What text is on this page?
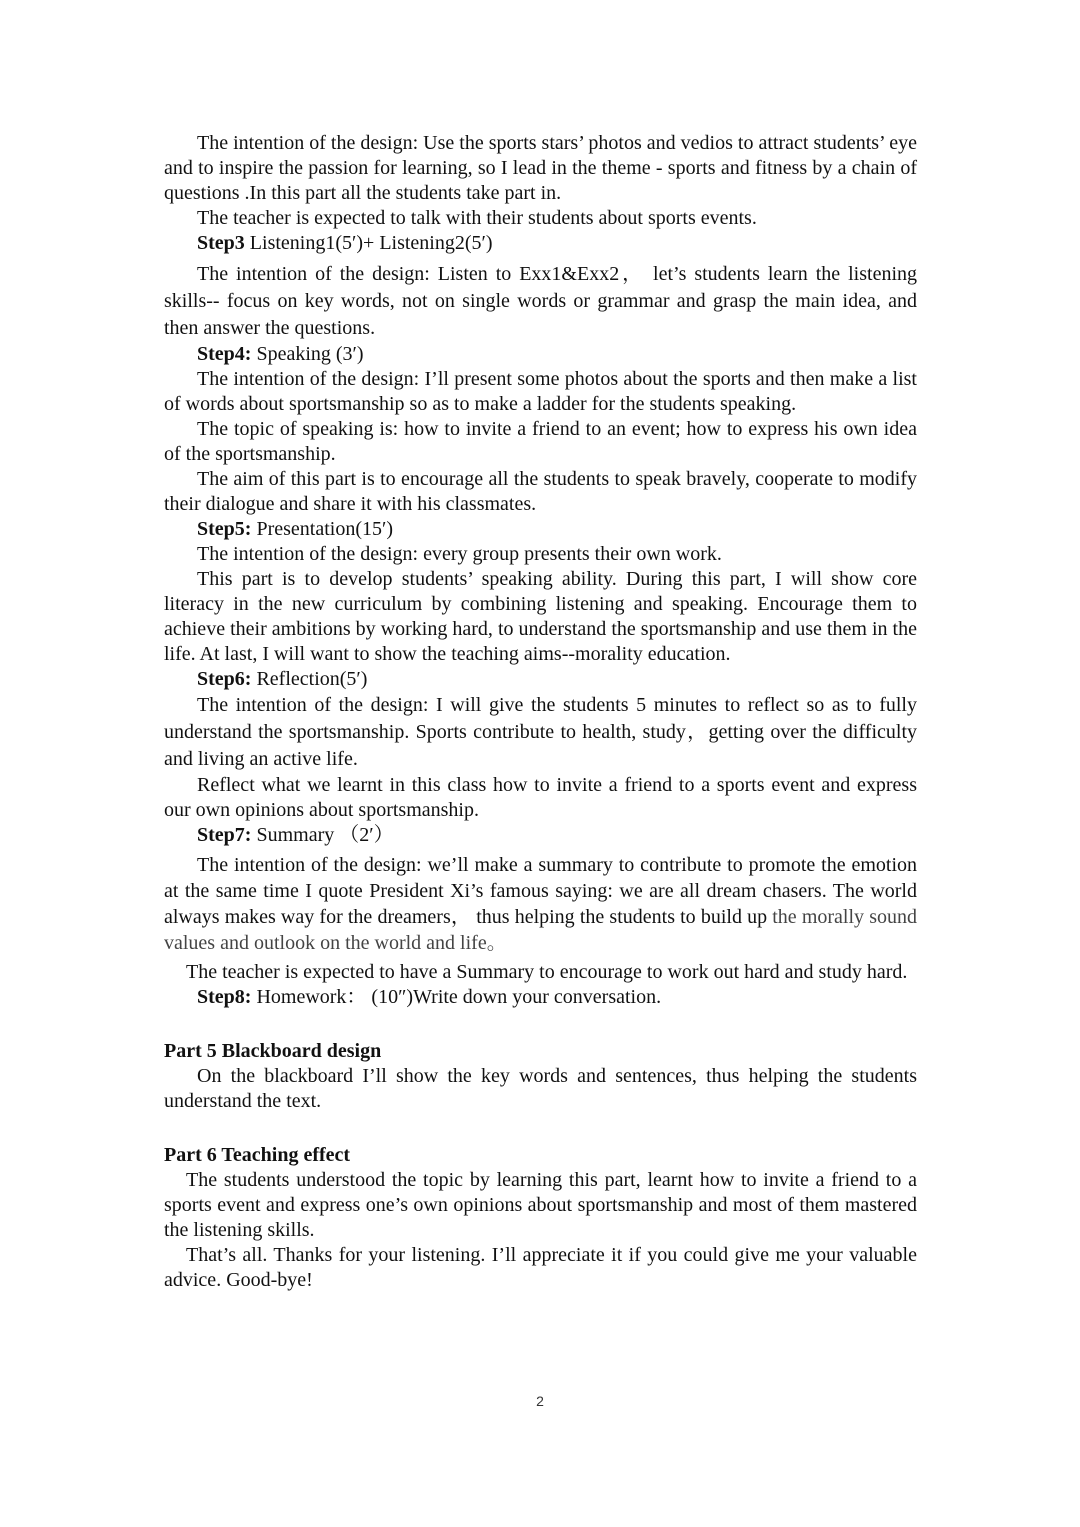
The intention of the design: Use the sports stars’ photos and vedios to attract students’ eye and to inspire the passion for learning, so I lead in the theme - sports and fitness by a chain of questions .In this part all the students take part in.

The teacher is expected to talk with their students about sports events.

Step3 Listening1(5′)+ Listening2(5′)

The intention of the design: Listen to Exx1&Exx2， let’s students learn the listening skills-- focus on key words, not on single words or grammar and grasp the main idea, and then answer the questions.

Step4: Speaking (3′)

The intention of the design: I’ll present some photos about the sports and then make a list of words about sportsmanship so as to make a ladder for the students speaking.

The topic of speaking is: how to invite a friend to an event; how to express his own idea of the sportsmanship.

The aim of this part is to encourage all the students to speak bravely, cooperate to modify their dialogue and share it with his classmates.

Step5: Presentation(15′)

The intention of the design: every group presents their own work.

This part is to develop students’ speaking ability. During this part, I will show core literacy in the new curriculum by combining listening and speaking. Encourage them to achieve their ambitions by working hard, to understand the sportsmanship and use them in the life. At last, I will want to show the teaching aims--morality education.

Step6: Reflection(5′)

The intention of the design: I will give the students 5 minutes to reflect so as to fully understand the sportsmanship. Sports contribute to health, study，getting over the difficulty and living an active life.

Reflect what we learnt in this class how to invite a friend to a sports event and express our own opinions about sportsmanship.

Step7: Summary （2′）

The intention of the design: we’ll make a summary to contribute to promote the emotion at the same time I quote President Xi’s famous saying: we are all dream chasers. The world always makes way for the dreamers， thus helping the students to build up the morally sound values and outlook on the world and life。

The teacher is expected to have a Summary to encourage to work out hard and study hard.

Step8: Homework： (10″)Write down your conversation.

Part 5 Blackboard design

On the blackboard I’ll show the key words and sentences, thus helping the students understand the text.

Part 6 Teaching effect

The students understood the topic by learning this part, learnt how to invite a friend to a sports event and express one’s own opinions about sportsmanship and most of them mastered the listening skills.

That’s all. Thanks for your listening. I’ll appreciate it if you could give me your valuable advice. Good-bye!

2
